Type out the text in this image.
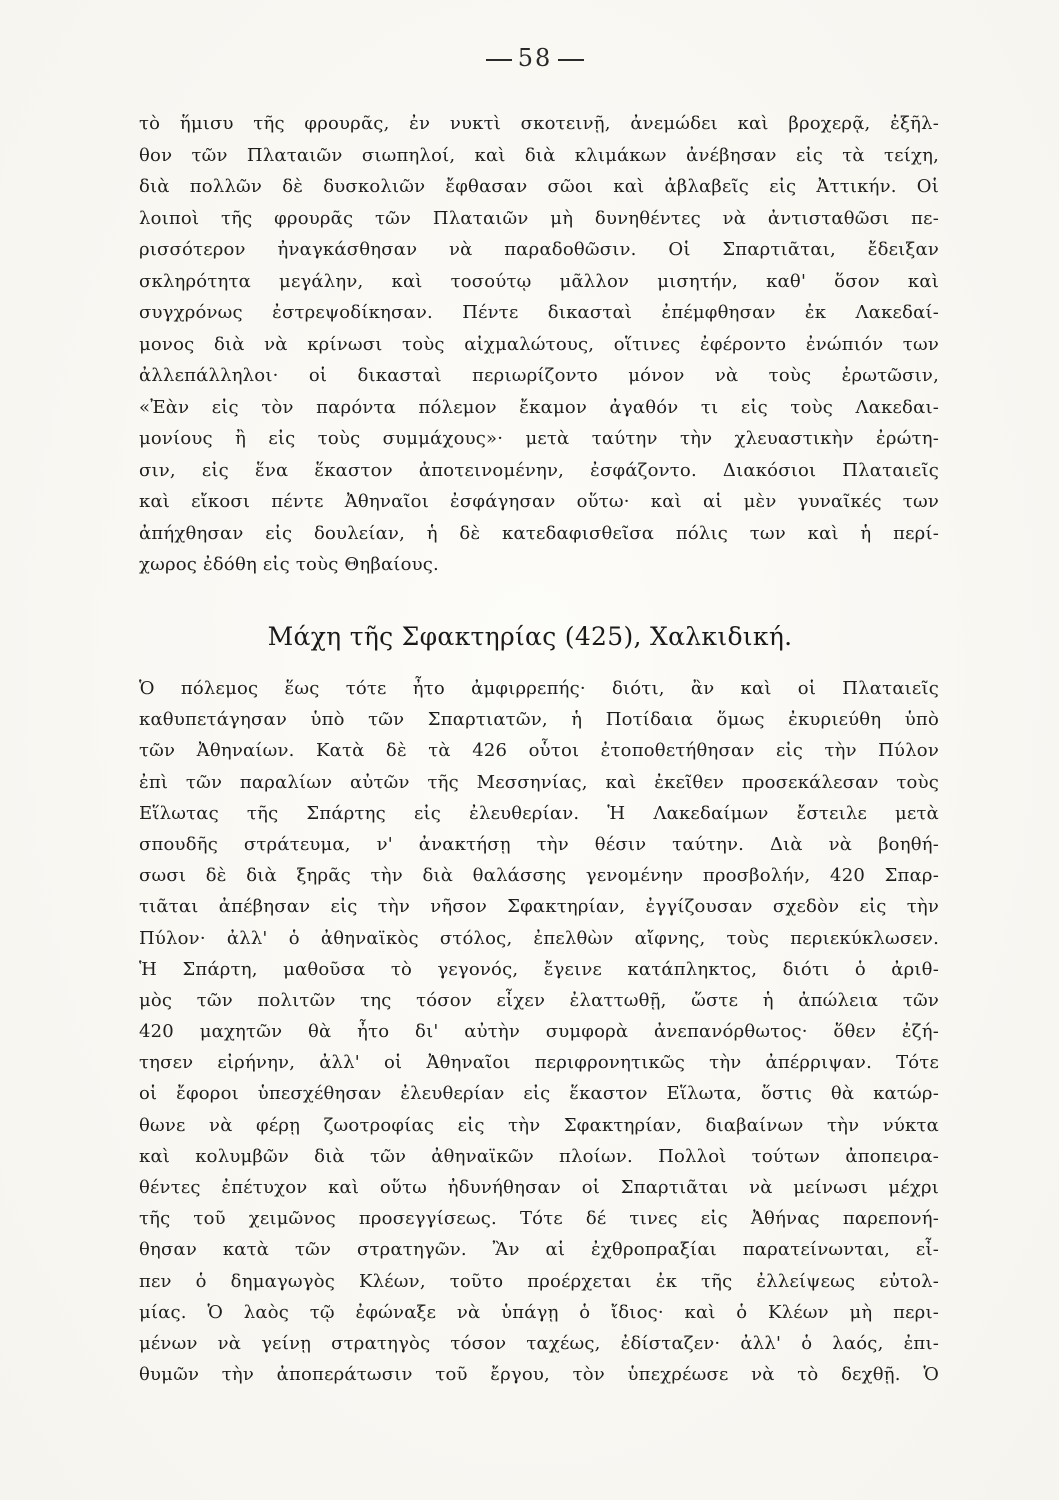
58
τὸ ἥμισυ τῆς φρουρᾶς, ἐν νυκτὶ σκοτεινῇ, ἀνεμώδει καὶ βροχερᾷ, ἐξῆλ-
θον τῶν Πλαταιῶν σιωπηλοί, καὶ διὰ κλιμάκων ἀνέβησαν εἰς τὰ τείχη,
διὰ πολλῶν δὲ δυσκολιῶν ἔφθασαν σῶοι καὶ ἀβλαβεῖς εἰς Ἀττικήν. Οἱ
λοιποὶ τῆς φρουρᾶς τῶν Πλαταιῶν μὴ δυνηθέντες νὰ ἀντισταθῶσι πε-
ρισσότερον ἠναγκάσθησαν νὰ παραδοθῶσιν. Οἱ Σπαρτιᾶται, ἔδειξαν
σκληρότητα μεγάλην, καὶ τοσούτῳ μᾶλλον μισητήν, καθ' ὅσον καὶ
συγχρόνως ἐστρεψοδίκησαν. Πέντε δικασταὶ ἐπέμφθησαν ἐκ Λακεδαί-
μονος διὰ νὰ κρίνωσι τοὺς αἰχμαλώτους, οἵτινες ἐφέροντο ἐνώπιόν των
ἀλλεπάλληλοι· οἱ δικασταὶ περιωρίζοντο μόνον νὰ τοὺς ἐρωτῶσιν,
«Ἐὰν εἰς τὸν παρόντα πόλεμον ἔκαμον ἀγαθόν τι εἰς τοὺς Λακεδαι-
μονίους ἢ εἰς τοὺς συμμάχους»· μετὰ ταύτην τὴν χλευαστικὴν ἐρώτη-
σιν, εἰς ἕνα ἕκαστον ἀποτεινομένην, ἐσφάζοντο. Διακόσιοι Πλαταιεῖς
καὶ εἴκοσι πέντε Ἀθηναῖοι ἐσφάγησαν οὕτω· καὶ αἱ μὲν γυναῖκές των
ἀπήχθησαν εἰς δουλείαν, ἡ δὲ κατεδαφισθεῖσα πόλις των καὶ ἡ περί-
χωρος ἐδόθη εἰς τοὺς Θηβαίους.
Μάχη τῆς Σφακτηρίας (425), Χαλκιδική.
Ὁ πόλεμος ἕως τότε ἦτο ἀμφιρρεπής· διότι, ἂν καὶ οἱ Πλαταιεῖς
καθυπετάγησαν ὑπὸ τῶν Σπαρτιατῶν, ἡ Ποτίδαια ὅμως ἐκυριεύθη ὑπὸ
τῶν Ἀθηναίων. Κατὰ δὲ τὰ 426 οὗτοι ἐτοποθετήθησαν εἰς τὴν Πύλον
ἐπὶ τῶν παραλίων αὐτῶν τῆς Μεσσηνίας, καὶ ἐκεῖθεν προσεκάλεσαν τοὺς
Εἵλωτας τῆς Σπάρτης εἰς ἐλευθερίαν. Ἡ Λακεδαίμων ἔστειλε μετὰ
σπουδῆς στράτευμα, ν' ἀνακτήσῃ τὴν θέσιν ταύτην. Διὰ νὰ βοηθή-
σωσι δὲ διὰ ξηρᾶς τὴν διὰ θαλάσσης γενομένην προσβολήν, 420 Σπαρ-
τιᾶται ἀπέβησαν εἰς τὴν νῆσον Σφακτηρίαν, ἐγγίζουσαν σχεδὸν εἰς τὴν
Πύλον· ἀλλ' ὁ ἀθηναϊκὸς στόλος, ἐπελθὼν αἴφνης, τοὺς περιεκύκλωσεν.
Ἡ Σπάρτη, μαθοῦσα τὸ γεγονός, ἔγεινε κατάπληκτος, διότι ὁ ἀριθ-
μὸς τῶν πολιτῶν της τόσον εἶχεν ἐλαττωθῇ, ὥστε ἡ ἀπώλεια τῶν
420 μαχητῶν θὰ ἦτο δι' αὐτὴν συμφορὰ ἀνεπανόρθωτος· ὅθεν ἐζή-
τησεν εἰρήνην, ἀλλ' οἱ Ἀθηναῖοι περιφρονητικῶς τὴν ἀπέρριψαν. Τότε
οἱ ἔφοροι ὑπεσχέθησαν ἐλευθερίαν εἰς ἕκαστον Εἵλωτα, ὅστις θὰ κατώρ-
θωνε νὰ φέρῃ ζωοτροφίας εἰς τὴν Σφακτηρίαν, διαβαίνων τὴν νύκτα
καὶ κολυμβῶν διὰ τῶν ἀθηναϊκῶν πλοίων. Πολλοὶ τούτων ἀποπειρα-
θέντες ἐπέτυχον καὶ οὕτω ἠδυνήθησαν οἱ Σπαρτιᾶται νὰ μείνωσι μέχρι
τῆς τοῦ χειμῶνος προσεγγίσεως. Τότε δέ τινες εἰς Ἀθήνας παρεπονή-
θησαν κατὰ τῶν στρατηγῶν. Ἂν αἱ ἐχθροπραξίαι παρατείνωνται, εἶ-
πεν ὁ δημαγωγὸς Κλέων, τοῦτο προέρχεται ἐκ τῆς ἐλλείψεως εὐτολ-
μίας. Ὁ λαὸς τῷ ἐφώναξε νὰ ὑπάγῃ ὁ ἴδιος· καὶ ὁ Κλέων μὴ περι-
μένων νὰ γείνῃ στρατηγὸς τόσον ταχέως, ἐδίσταζεν· ἀλλ' ὁ λαός, ἐπι-
θυμῶν τὴν ἀποπεράτωσιν τοῦ ἔργου, τὸν ὑπεχρέωσε νὰ τὸ δεχθῇ. Ὁ
